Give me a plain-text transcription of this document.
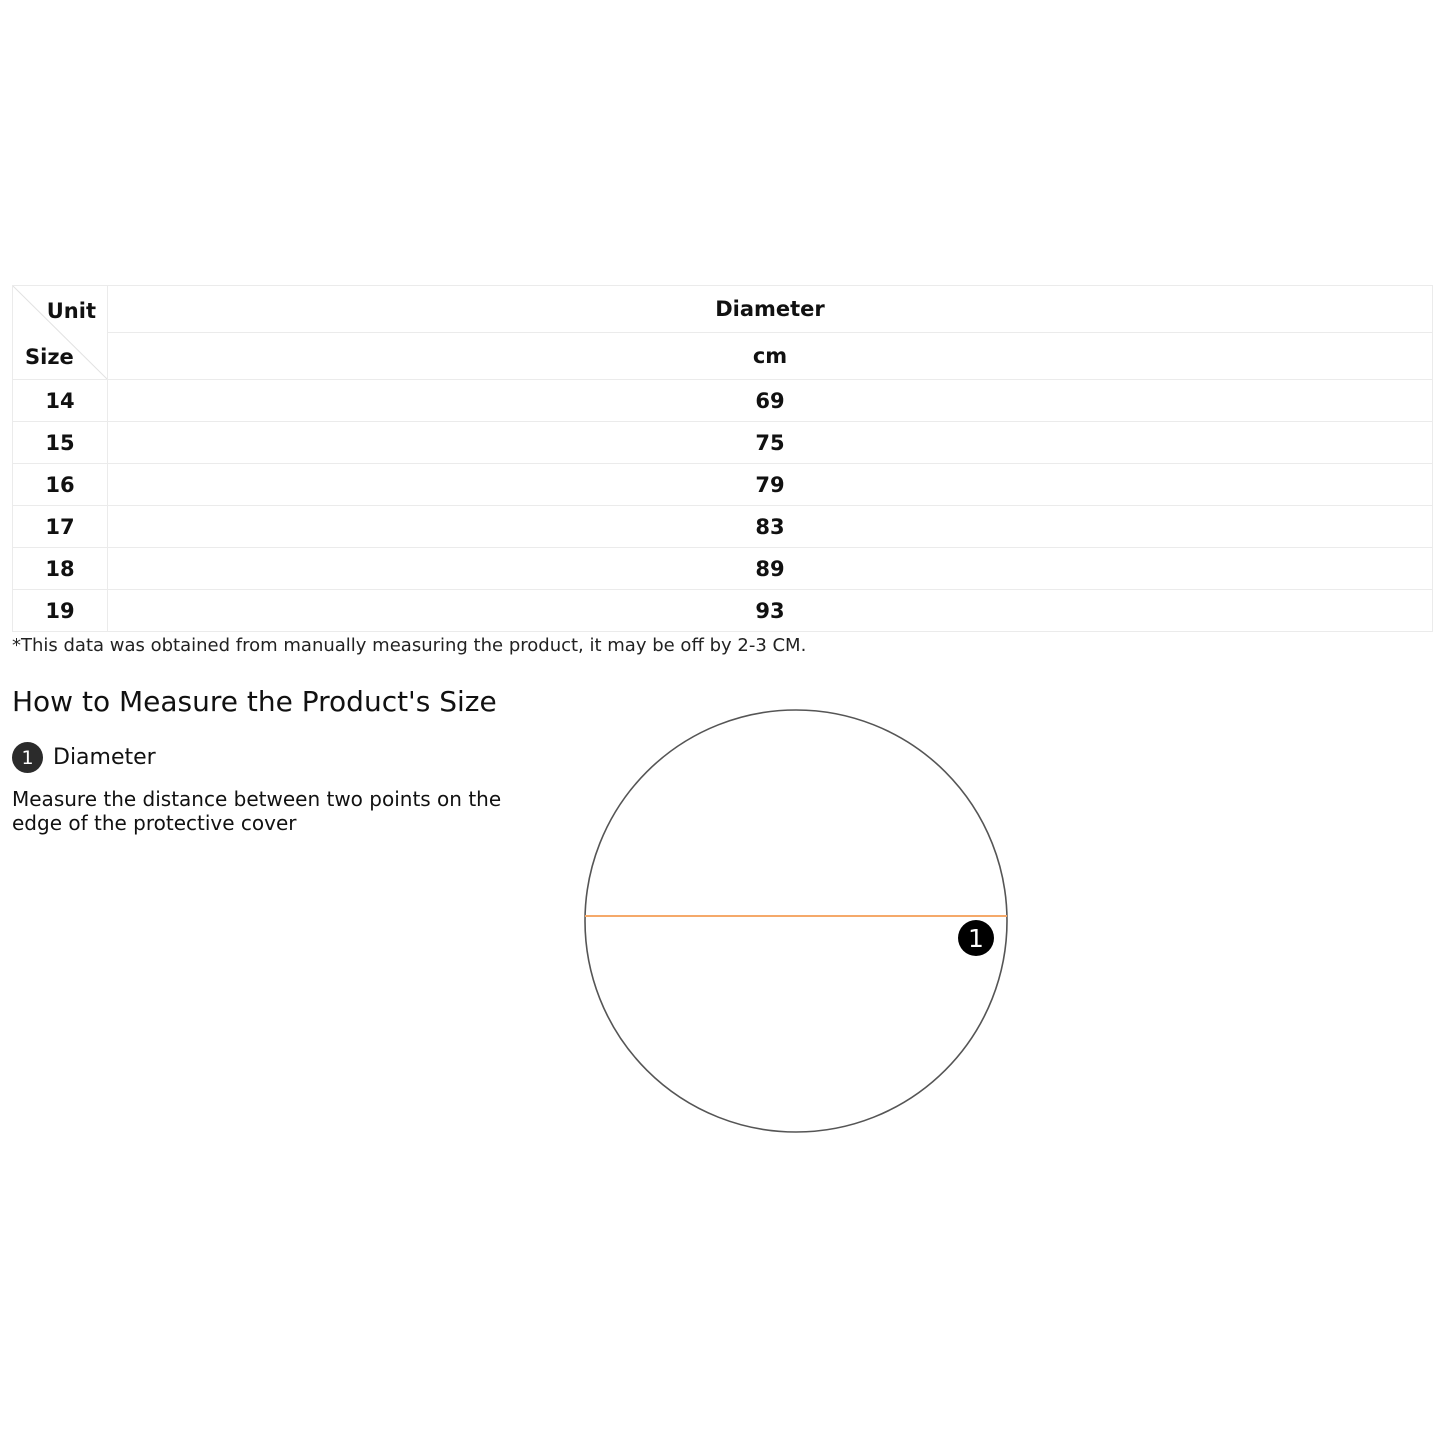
Unit
Size	Diameter
	cm
14	69
15	75
16	79
17	83
18	89
19	93
*This data was obtained from manually measuring the product, it may be off by 2-3 CM.
How to Measure the Product's Size
1 Diameter
Measure the distance between two points on the edge of the protective cover
1
